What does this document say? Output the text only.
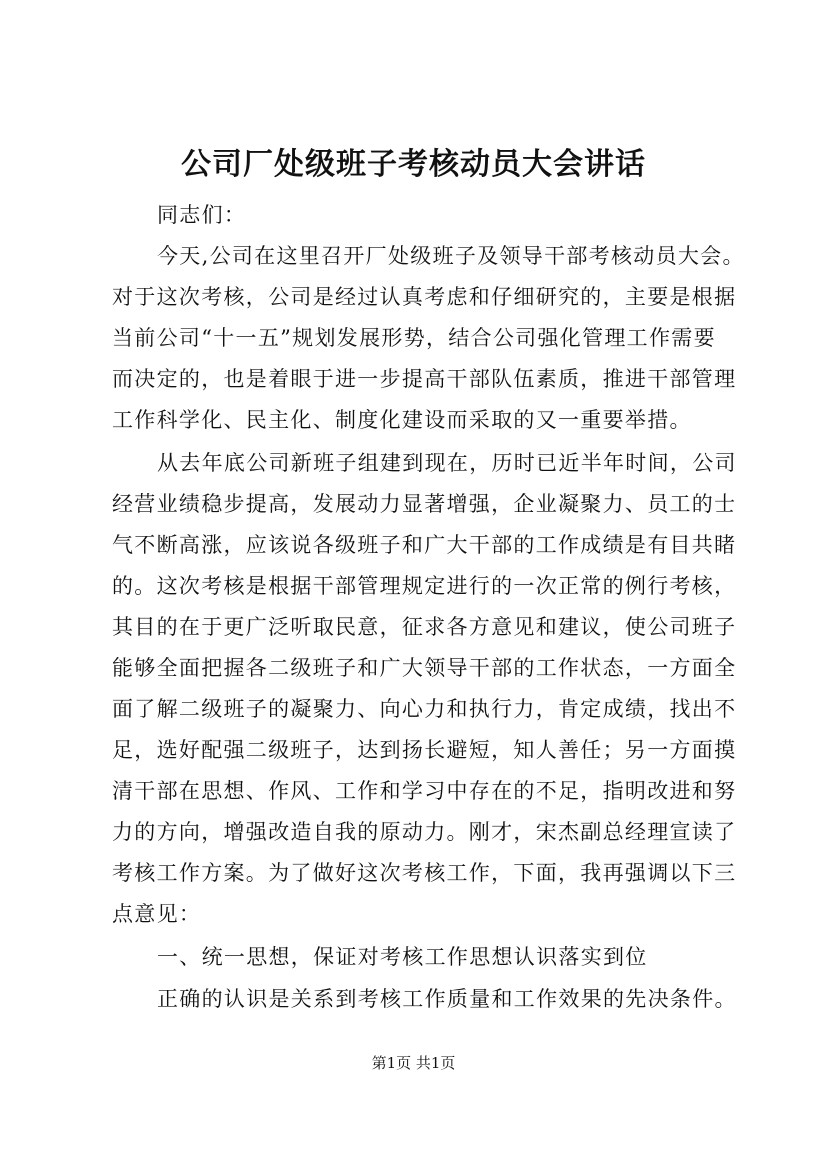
公司厂处级班子考核动员大会讲话

同志们：

今天,公司在这里召开厂处级班子及领导干部考核动员大会。

对于这次考核，公司是经过认真考虑和仔细研究的，主要是根据

当前公司“十一五”规划发展形势，结合公司强化管理工作需要

而决定的，也是着眼于进一步提高干部队伍素质，推进干部管理

工作科学化、民主化、制度化建设而采取的又一重要举措。

从去年底公司新班子组建到现在，历时已近半年时间，公司

经营业绩稳步提高，发展动力显著增强，企业凝聚力、员工的士

气不断高涨，应该说各级班子和广大干部的工作成绩是有目共睹

的。这次考核是根据干部管理规定进行的一次正常的例行考核，

其目的在于更广泛听取民意，征求各方意见和建议，使公司班子

能够全面把握各二级班子和广大领导干部的工作状态，一方面全

面了解二级班子的凝聚力、向心力和执行力，肯定成绩，找出不

足，选好配强二级班子，达到扬长避短，知人善任；另一方面摸

清干部在思想、作风、工作和学习中存在的不足，指明改进和努

力的方向，增强改造自我的原动力。刚才，宋杰副总经理宣读了

考核工作方案。为了做好这次考核工作，下面，我再强调以下三

点意见：

一、统一思想，保证对考核工作思想认识落实到位

正确的认识是关系到考核工作质量和工作效果的先决条件。

第1页 共1页
